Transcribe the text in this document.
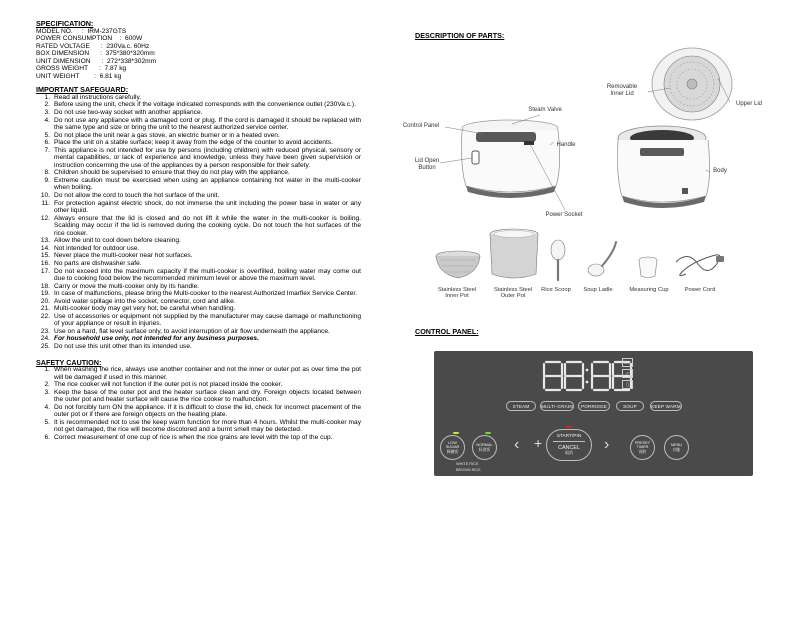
SPECIFICATION:
MODEL NO. : IRM-237GTS
POWER CONSUMPTION : 600W
RATED VOLTAGE : 230Va.c. 60Hz
BOX DIMENSION : 375*380*320mm
UNIT DIMENSION : 272*338*302mm
GROSS WEIGHT : 7.87 kg
UNIT WEIGHT : 6.81 kg
IMPORTANT SAFEGUARD:
1. Read all instructions carefully.
2. Before using the unit, check if the voltage indicated corresponds with the convenience outlet (230Va.c.).
3. Do not use two-way socket with another appliance.
4. Do not use any appliance with a damaged cord or plug. If the cord is damaged it should be replaced with the same type and size or bring the unit to the nearest authorized service center.
5. Do not place the unit near a gas stove, an electric burner or in a heated oven.
6. Place the unit on a stable surface; keep it away from the edge of the counter to avoid accidents.
7. This appliance is not intended for use by persons (including children) with reduced physical, sensory or mental capabilities, or lack of experience and knowledge, unless they have been given supervision or instruction concerning the use of the appliances by a person responsible for their safety.
8. Children should be supervised to ensure that they do not play with the appliance.
9. Extreme caution must be exercised when using an appliance containing hot water in the multi-cooker when boiling.
10. Do not allow the cord to touch the hot surface of the unit.
11. For protection against electric shock, do not immerse the unit including the power base in water or any other liquid.
12. Always ensure that the lid is closed and do not lift it while the water in the multi-cooker is boiling. Scalding may occur if the lid is removed during the cooking cycle. Do not touch the hot surfaces of the rice cooker.
13. Allow the unit to cool down before cleaning.
14. Not intended for outdoor use.
15. Never place the multi-cooker near hot surfaces.
16. No parts are dishwasher safe.
17. Do not exceed into the maximum capacity if the multi-cooker is overfilled, boiling water may come out due to cooking food below the recommended minimum level or above the maximum level.
18. Carry or move the multi-cooker only by its handle.
19. In case of malfunctions, please bring the Multi-cooker to the nearest Authorized Imarflex Service Center.
20. Avoid water spillage into the socket, connector, cord and alike.
21. Multi-cooker body may get very hot, be careful when handling.
22. Use of accessories or equipment not supplied by the manufacturer may cause damage or malfunctioning of your appliance or result in injuries.
23. Use on a hard, flat level surface only, to avoid interruption of air flow underneath the appliance.
24. For household use only, not intended for any business purposes.
25. Do not use this unit other than its intended use.
SAFETY CAUTION:
1. When washing the rice, always use another container and not the inner or outer pot as over time the pot will be damaged if used in this manner.
2. The rice cooker will not function if the outer pot is not placed inside the cooker.
3. Keep the base of the outer pot and the heater surface clean and dry. Foreign objects located between the outer pot and heater surface will cause the rice cooker to malfunction.
4. Do not forcibly turn ON the appliance. If it is difficult to close the lid, check for incorrect placement of the outer pot or if there are foreign objects on the heating plate.
5. It is recommended not to use the keep warm function for more than 4 hours. Whilst the multi-cooker may not get damaged, the rice will become discolored and a burnt smell may be detected.
6. Correct measurement of one cup of rice is when the rice grains are level with the top of the cup.
DESCRIPTION OF PARTS:
Removable
Inner Lid
Upper Lid
Steam Valve
Control Panel
Handle
Lid Open
Button
Body
Power Socket
Stainless Steel
Inner Pot
Stainless Steel
Outer Pot
Rice Scoop	Soup Ladle	Measuring Cup	Power Cord
CONTROL PANEL:
ON
✓
▯
STEAM	MULTI-GRAIN	PORRIDGE	SOUP	KEEP WARM
LOW
SUGAR
降糖饭
NORMAL
标准饭
WHITE RICE
BROWN RICE
‹ +	START/PIN
CANCEL
取消	›	PRESET
TIMER
预约
MENU
功能
